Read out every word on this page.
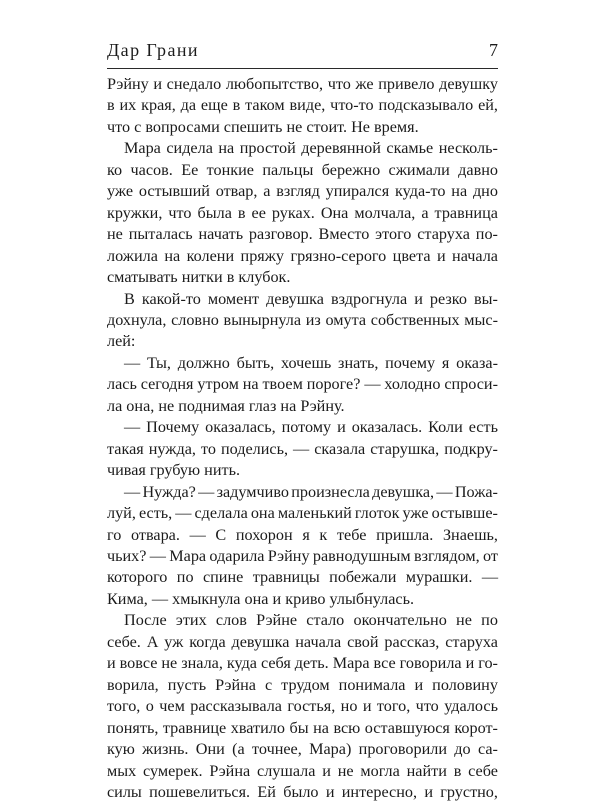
Дар Грани	7
Рэйну и снедало любопытство, что же привело девушку
в их края, да еще в таком виде, что-то подсказывало ей,
что с вопросами спешить не стоит. Не время.
Мара сидела на простой деревянной скамье несколь-
ко часов. Ее тонкие пальцы бережно сжимали давно
уже остывший отвар, а взгляд упирался куда-то на дно
кружки, что была в ее руках. Она молчала, а травница
не пыталась начать разговор. Вместо этого старуха по-
ложила на колени пряжу грязно-серого цвета и начала
сматывать нитки в клубок.
В какой-то момент девушка вздрогнула и резко вы-
дохнула, словно вынырнула из омута собственных мыс-
лей:
— Ты, должно быть, хочешь знать, почему я оказа-
лась сегодня утром на твоем пороге? — холодно спроси-
ла она, не поднимая глаз на Рэйну.
— Почему оказалась, потому и оказалась. Коли есть
такая нужда, то поделись, — сказала старушка, подкру-
чивая грубую нить.
— Нужда? — задумчиво произнесла девушка, — Пожа-
луй, есть, — сделала она маленький глоток уже остывше-
го отвара. — С похорон я к тебе пришла. Знаешь,
чьих? — Мара одарила Рэйну равнодушным взглядом, от
которого по спине травницы побежали мурашки. —
Кима, — хмыкнула она и криво улыбнулась.
После этих слов Рэйне стало окончательно не по
себе. А уж когда девушка начала свой рассказ, старуха
и вовсе не знала, куда себя деть. Мара все говорила и го-
ворила, пусть Рэйна с трудом понимала и половину
того, о чем рассказывала гостья, но и того, что удалось
понять, травнице хватило бы на всю оставшуюся корот-
кую жизнь. Они (а точнее, Мара) проговорили до са-
мых сумерек. Рэйна слушала и не могла найти в себе
силы пошевелиться. Ей было и интересно, и грустно,
